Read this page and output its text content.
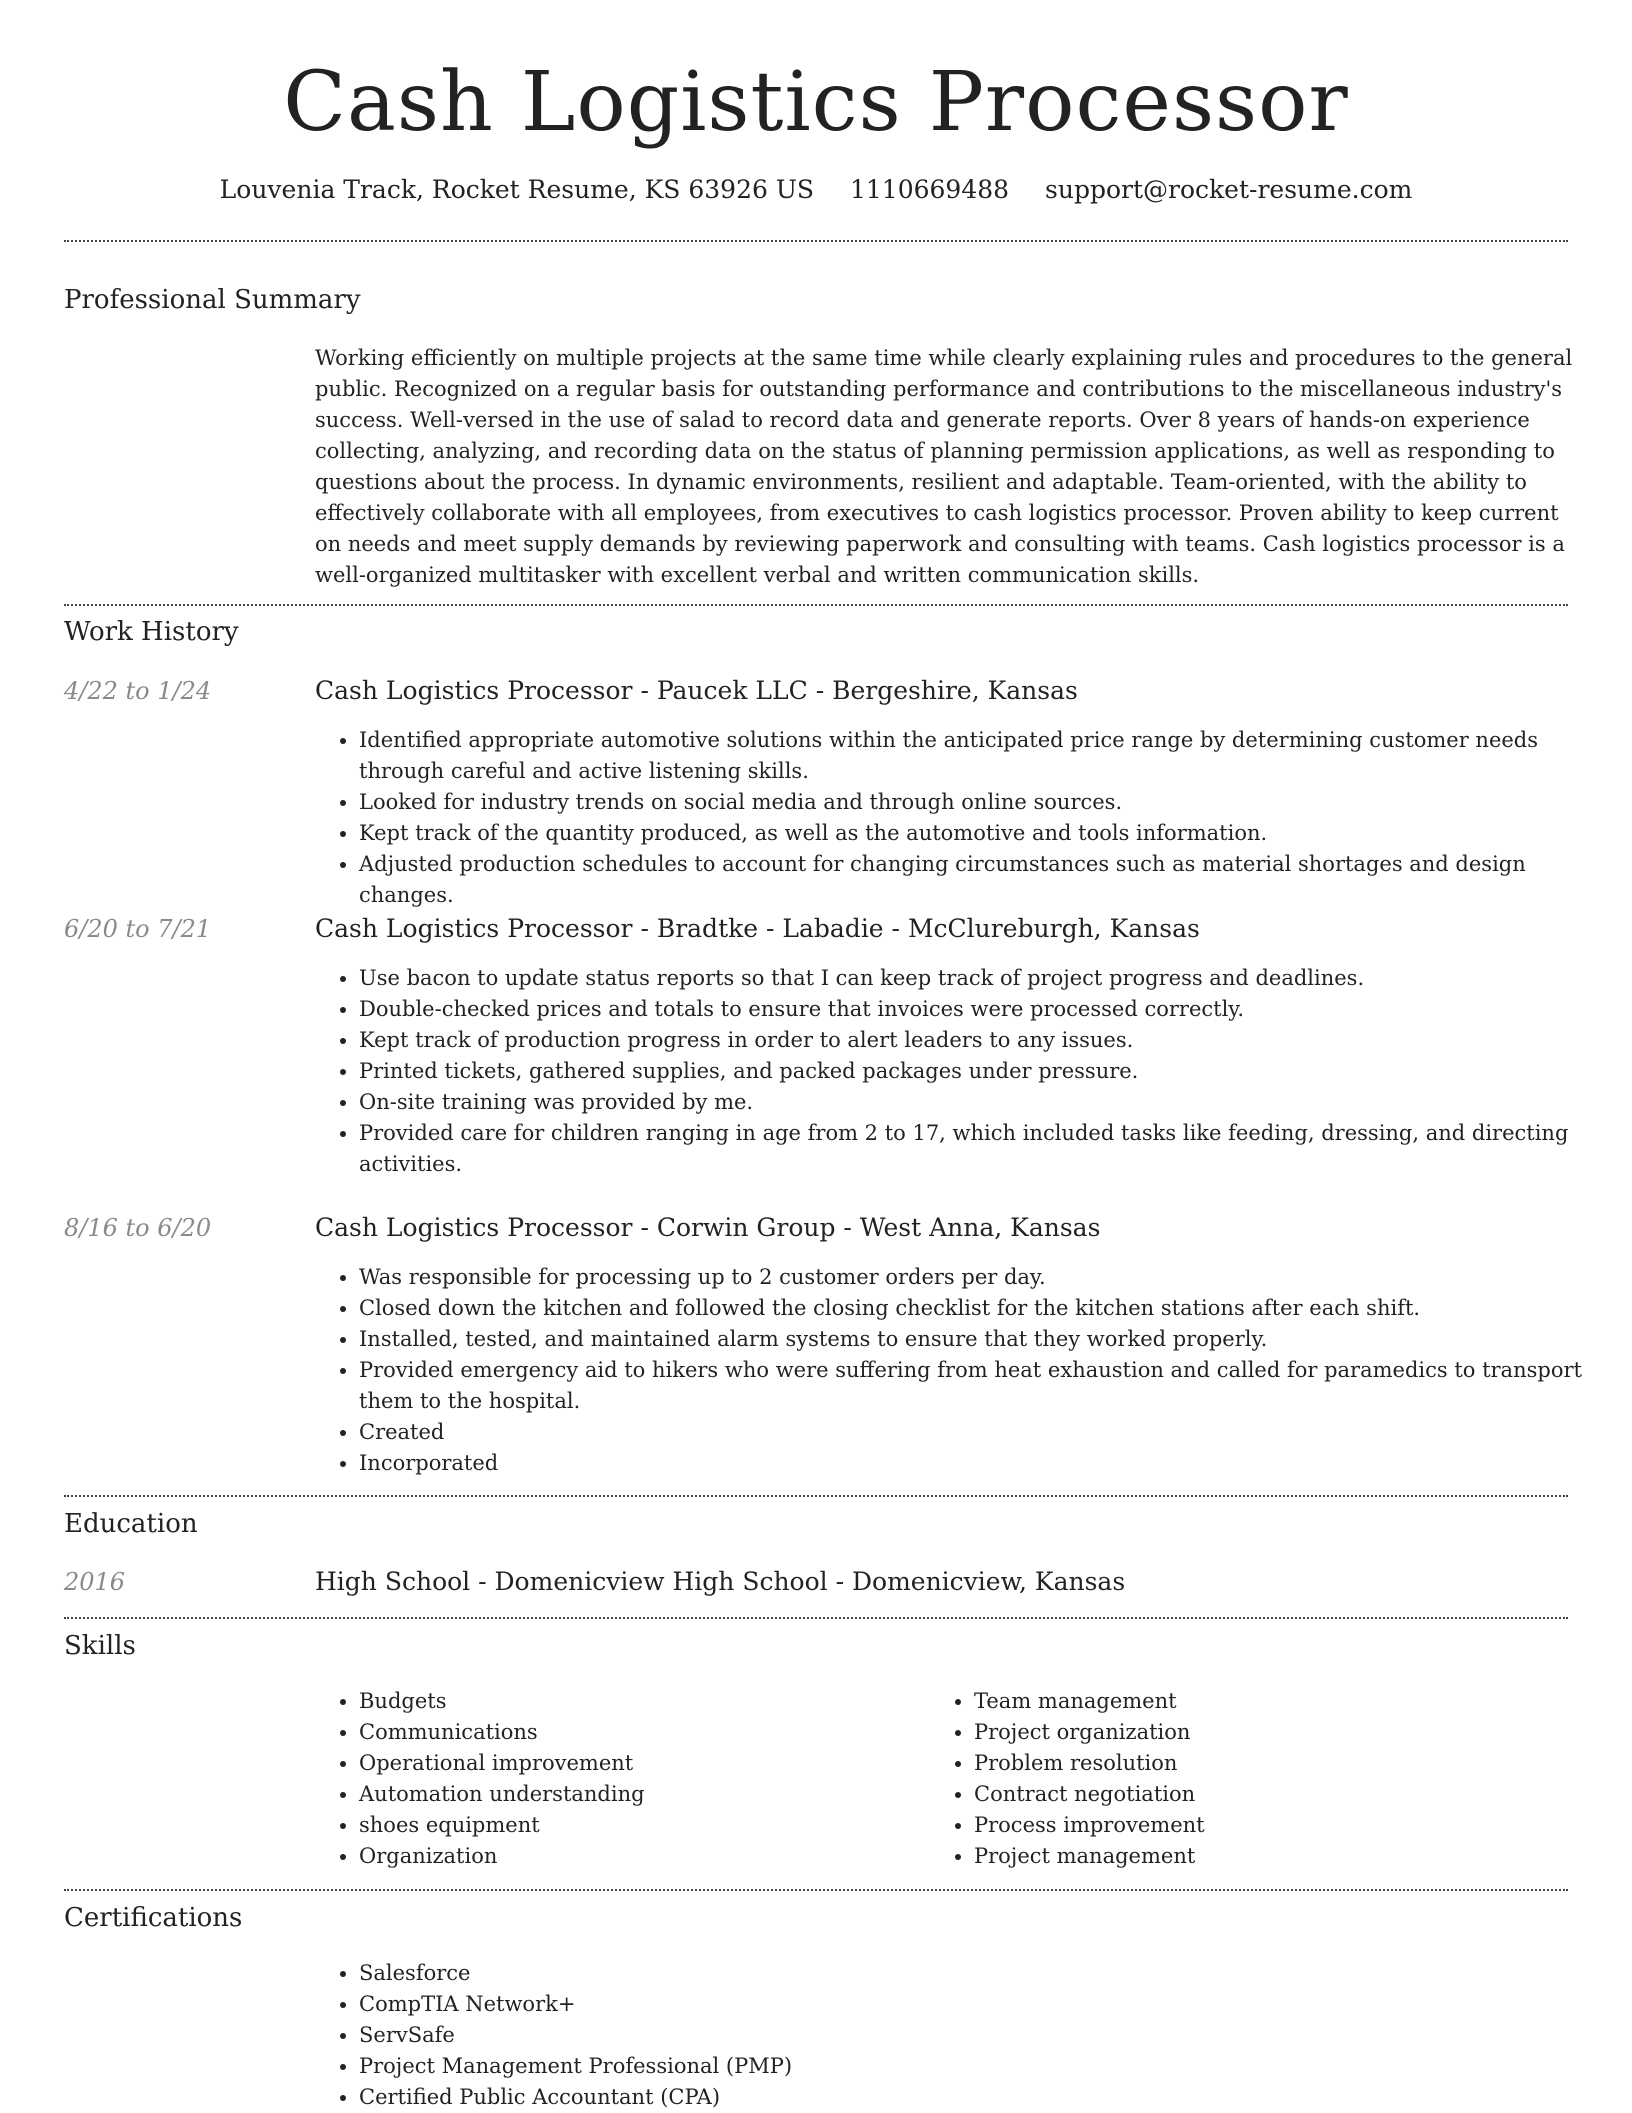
Cash Logistics Processor
Louvenia Track, Rocket Resume, KS 63926 US 1110669488 support@rocket-resume.com
Professional Summary

Working efficiently on multiple projects at the same time while clearly explaining rules and procedures to the general public. Recognized on a regular basis for outstanding performance and contributions to the miscellaneous industry's success. Well-versed in the use of salad to record data and generate reports. Over 8 years of hands-on experience collecting, analyzing, and recording data on the status of planning permission applications, as well as responding to questions about the process. In dynamic environments, resilient and adaptable. Team-oriented, with the ability to effectively collaborate with all employees, from executives to cash logistics processor. Proven ability to keep current on needs and meet supply demands by reviewing paperwork and consulting with teams. Cash logistics processor is a well-organized multitasker with excellent verbal and written communication skills.

Work History
4/22 to 1/24	Cash Logistics Processor - Paucek LLC - Bergeshire, Kansas
• Identified appropriate automotive solutions within the anticipated price range by determining customer needs through careful and active listening skills.
• Looked for industry trends on social media and through online sources.
• Kept track of the quantity produced, as well as the automotive and tools information.
• Adjusted production schedules to account for changing circumstances such as material shortages and design changes.
6/20 to 7/21	Cash Logistics Processor - Bradtke - Labadie - McClureburgh, Kansas
• Use bacon to update status reports so that I can keep track of project progress and deadlines.
• Double-checked prices and totals to ensure that invoices were processed correctly.
• Kept track of production progress in order to alert leaders to any issues.
• Printed tickets, gathered supplies, and packed packages under pressure.
• On-site training was provided by me.
• Provided care for children ranging in age from 2 to 17, which included tasks like feeding, dressing, and directing activities.
8/16 to 6/20	Cash Logistics Processor - Corwin Group - West Anna, Kansas
• Was responsible for processing up to 2 customer orders per day.
• Closed down the kitchen and followed the closing checklist for the kitchen stations after each shift.
• Installed, tested, and maintained alarm systems to ensure that they worked properly.
• Provided emergency aid to hikers who were suffering from heat exhaustion and called for paramedics to transport them to the hospital.
• Created
• Incorporated
Education
2016	High School - Domenicview High School - Domenicview, Kansas
Skills
• Budgets
• Communications
• Operational improvement
• Automation understanding
• shoes equipment
• Organization
• Team management
• Project organization
• Problem resolution
• Contract negotiation
• Process improvement
• Project management
Certifications
• Salesforce
• CompTIA Network+
• ServSafe
• Project Management Professional (PMP)
• Certified Public Accountant (CPA)
